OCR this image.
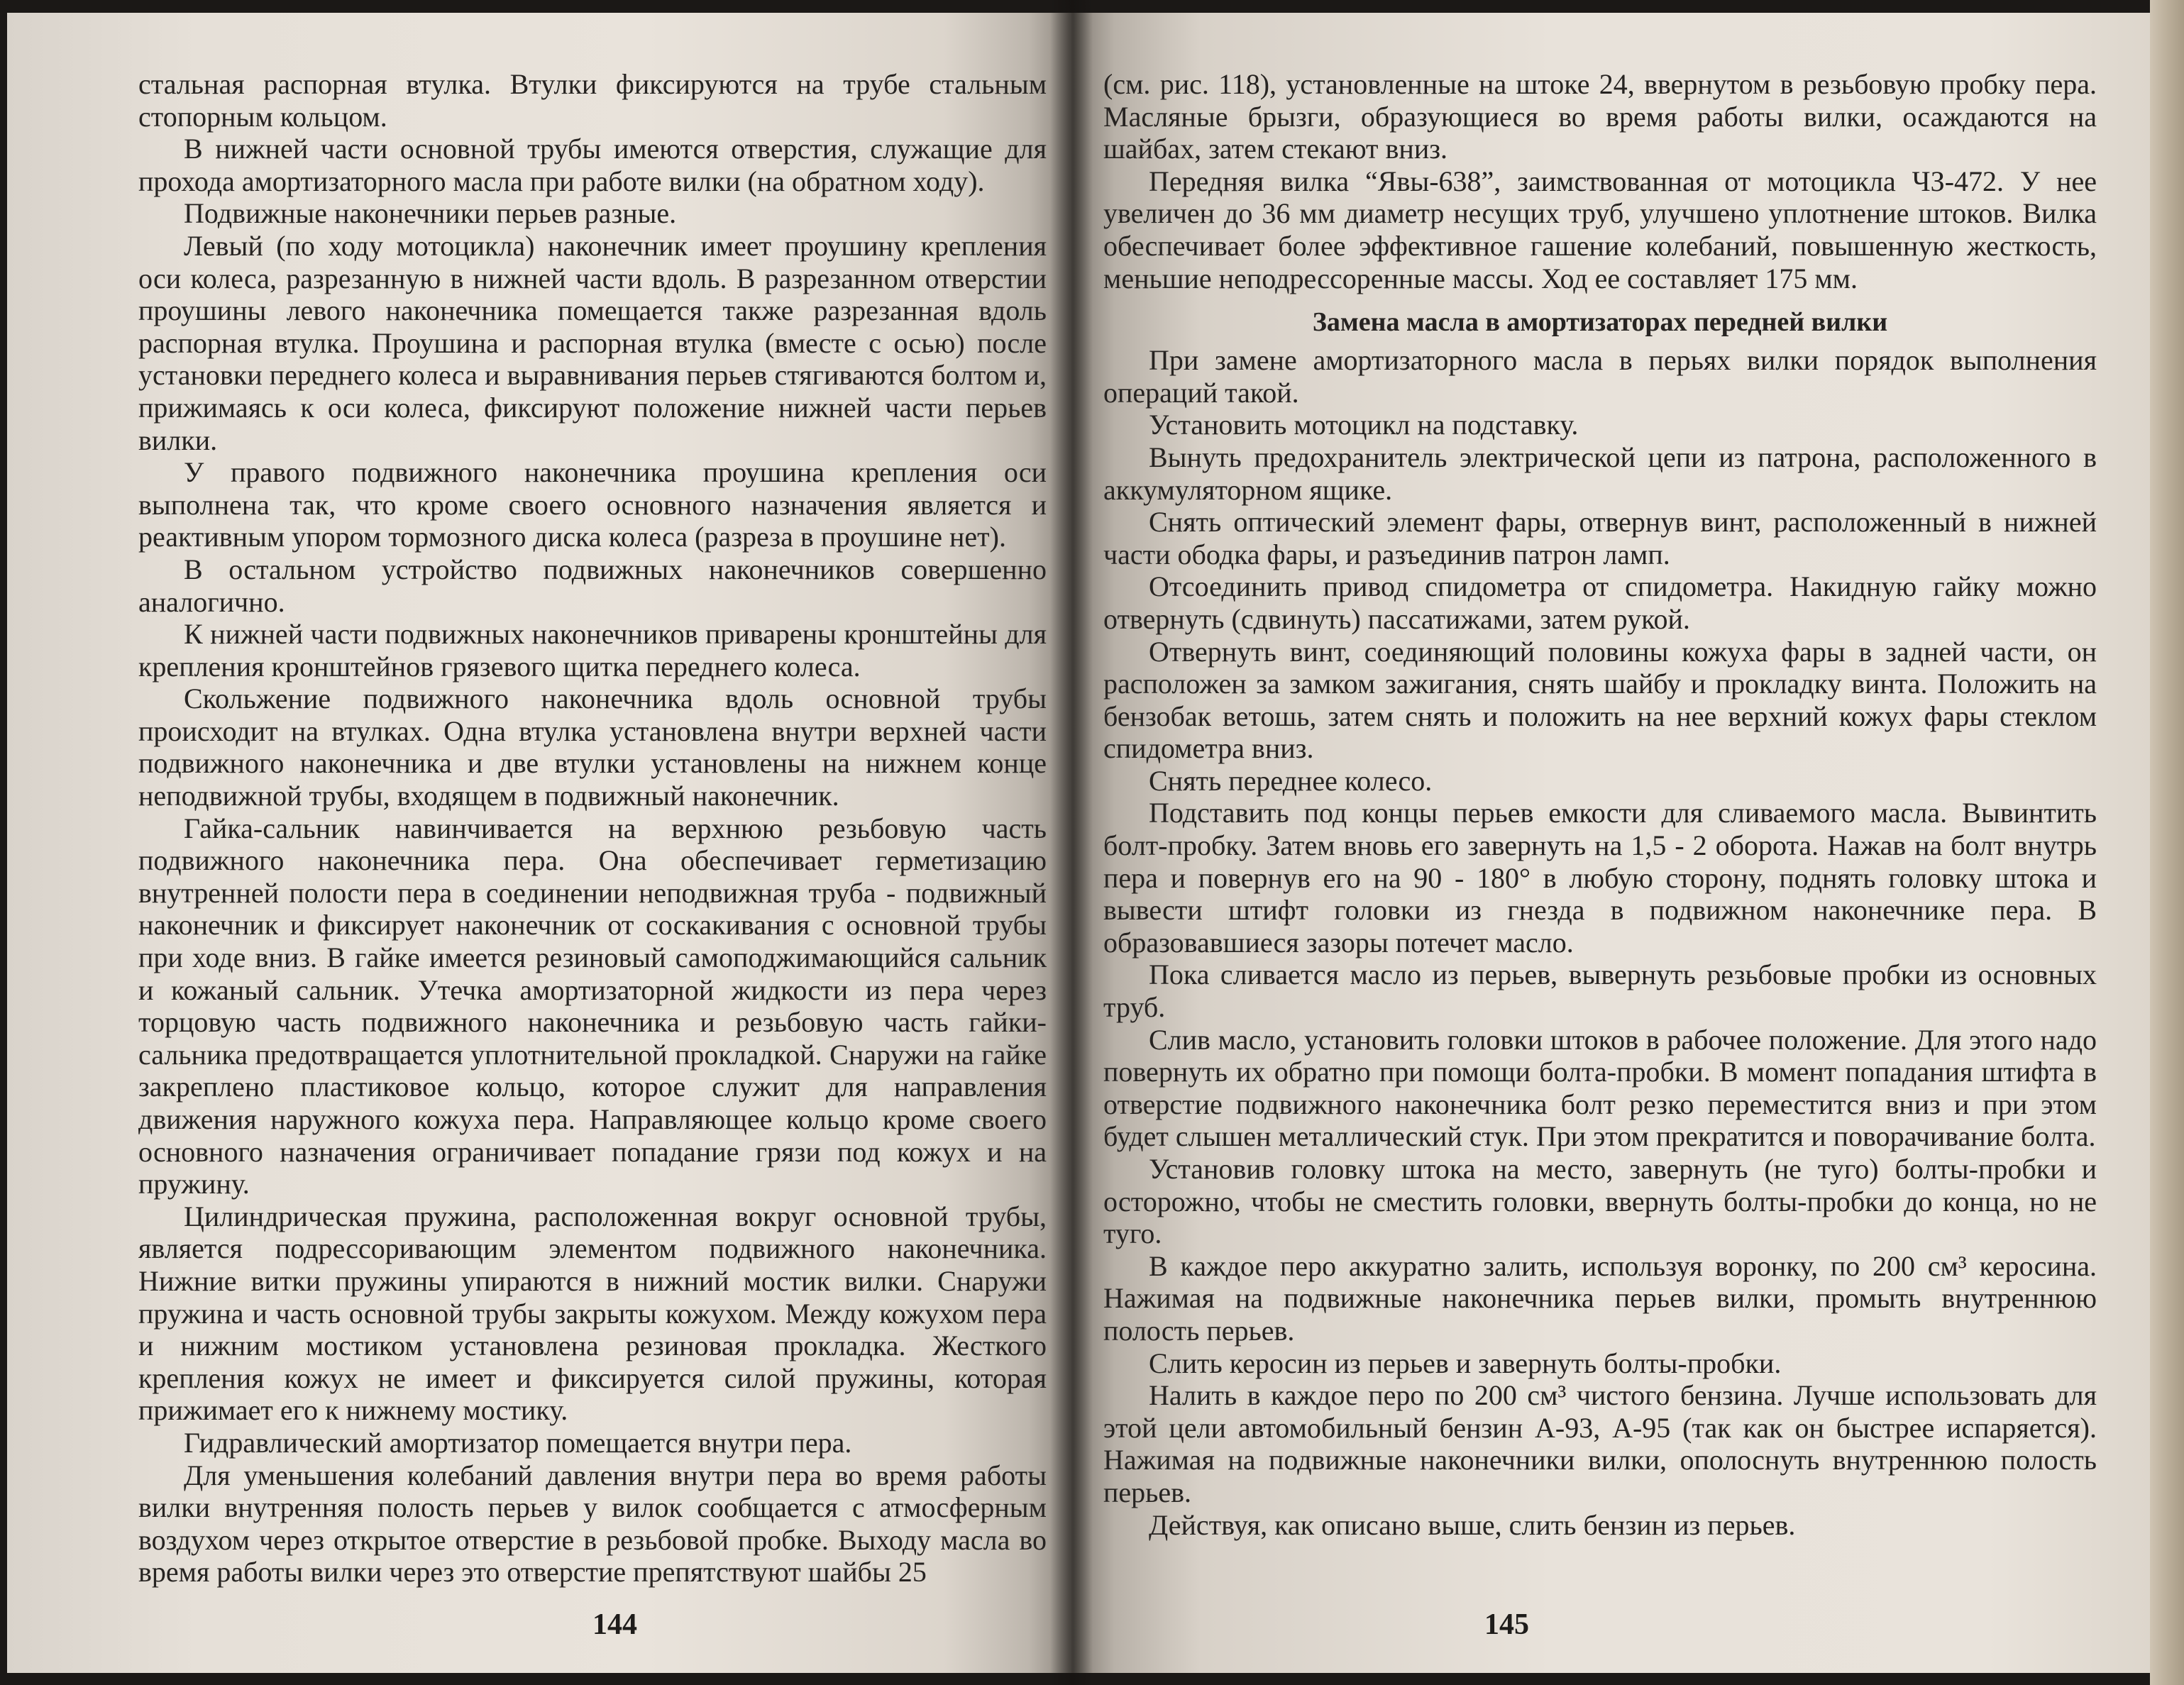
стальная распорная втулка. Втулки фиксируются на трубе стальным стопорным кольцом.

В нижней части основной трубы имеются отверстия, служащие для прохода амортизаторного масла при работе вилки (на обратном ходу).

Подвижные наконечники перьев разные.

Левый (по ходу мотоцикла) наконечник имеет проушину крепления оси колеса, разрезанную в нижней части вдоль. В разрезанном отверстии проушины левого наконечника помещается также разрезанная вдоль распорная втулка. Проушина и распорная втулка (вместе с осью) после установки переднего колеса и выравнивания перьев стягиваются болтом и, прижимаясь к оси колеса, фиксируют положение нижней части перьев вилки.

У правого подвижного наконечника проушина крепления оси выполнена так, что кроме своего основного назначения является и реактивным упором тормозного диска колеса (разреза в проушине нет).

В остальном устройство подвижных наконечников совершенно аналогично.

К нижней части подвижных наконечников приварены кронштейны для крепления кронштейнов грязевого щитка переднего колеса.

Скольжение подвижного наконечника вдоль основной трубы происходит на втулках. Одна втулка установлена внутри верхней части подвижного наконечника и две втулки установлены на нижнем конце неподвижной трубы, входящем в подвижный наконечник.

Гайка-сальник навинчивается на верхнюю резьбовую часть подвижного наконечника пера. Она обеспечивает герметизацию внутренней полости пера в соединении неподвижная труба - подвижный наконечник и фиксирует наконечник от соскакивания с основной трубы при ходе вниз. В гайке имеется резиновый самоподжимающийся сальник и кожаный сальник. Утечка амортизаторной жидкости из пера через торцовую часть подвижного наконечника и резьбовую часть гайки-сальника предотвращается уплотнительной прокладкой. Снаружи на гайке закреплено пластиковое кольцо, которое служит для направления движения наружного кожуха пера. Направляющее кольцо кроме своего основного назначения ограничивает попадание грязи под кожух и на пружину.

Цилиндрическая пружина, расположенная вокруг основной трубы, является подрессоривающим элементом подвижного наконечника. Нижние витки пружины упираются в нижний мостик вилки. Снаружи пружина и часть основной трубы закрыты кожухом. Между кожухом пера и нижним мостиком установлена резиновая прокладка. Жесткого крепления кожух не имеет и фиксируется силой пружины, которая прижимает его к нижнему мостику.

Гидравлический амортизатор помещается внутри пера.

Для уменьшения колебаний давления внутри пера во время работы вилки внутренняя полость перьев у вилок сообщается с атмосферным воздухом через открытое отверстие в резьбовой пробке. Выходу масла во время работы вилки через это отверстие препятствуют шайбы 25

144

(см. рис. 118), установленные на штоке 24, ввернутом в резьбовую пробку пера. Масляные брызги, образующиеся во время работы вилки, осаждаются на шайбах, затем стекают вниз.

Передняя вилка “Явы-638”, заимствованная от мотоцикла ЧЗ-472. У нее увеличен до 36 мм диаметр несущих труб, улучшено уплотнение штоков. Вилка обеспечивает более эффективное гашение колебаний, повышенную жесткость, меньшие неподрессоренные массы. Ход ее составляет 175 мм.

Замена масла в амортизаторах передней вилки

При замене амортизаторного масла в перьях вилки порядок выполнения операций такой.

Установить мотоцикл на подставку.

Вынуть предохранитель электрической цепи из патрона, расположенного в аккумуляторном ящике.

Снять оптический элемент фары, отвернув винт, расположенный в нижней части ободка фары, и разъединив патрон ламп.

Отсоединить привод спидометра от спидометра. Накидную гайку можно отвернуть (сдвинуть) пассатижами, затем рукой.

Отвернуть винт, соединяющий половины кожуха фары в задней части, он расположен за замком зажигания, снять шайбу и прокладку винта. Положить на бензобак ветошь, затем снять и положить на нее верхний кожух фары стеклом спидометра вниз.

Снять переднее колесо.

Подставить под концы перьев емкости для сливаемого масла. Вывинтить болт-пробку. Затем вновь его завернуть на 1,5 - 2 оборота. Нажав на болт внутрь пера и повернув его на 90 - 180° в любую сторону, поднять головку штока и вывести штифт головки из гнезда в подвижном наконечнике пера. В образовавшиеся зазоры потечет масло.

Пока сливается масло из перьев, вывернуть резьбовые пробки из основных труб.

Слив масло, установить головки штоков в рабочее положение. Для этого надо повернуть их обратно при помощи болта-пробки. В момент попадания штифта в отверстие подвижного наконечника болт резко переместится вниз и при этом будет слышен металлический стук. При этом прекратится и поворачивание болта.

Установив головку штока на место, завернуть (не туго) болты-пробки и осторожно, чтобы не сместить головки, ввернуть болты-пробки до конца, но не туго.

В каждое перо аккуратно залить, используя воронку, по 200 см³ керосина. Нажимая на подвижные наконечника перьев вилки, промыть внутреннюю полость перьев.

Слить керосин из перьев и завернуть болты-пробки.

Налить в каждое перо по 200 см³ чистого бензина. Лучше использовать для этой цели автомобильный бензин А-93, А-95 (так как он быстрее испаряется). Нажимая на подвижные наконечники вилки, ополоснуть внутреннюю полость перьев.

Действуя, как описано выше, слить бензин из перьев.

145
